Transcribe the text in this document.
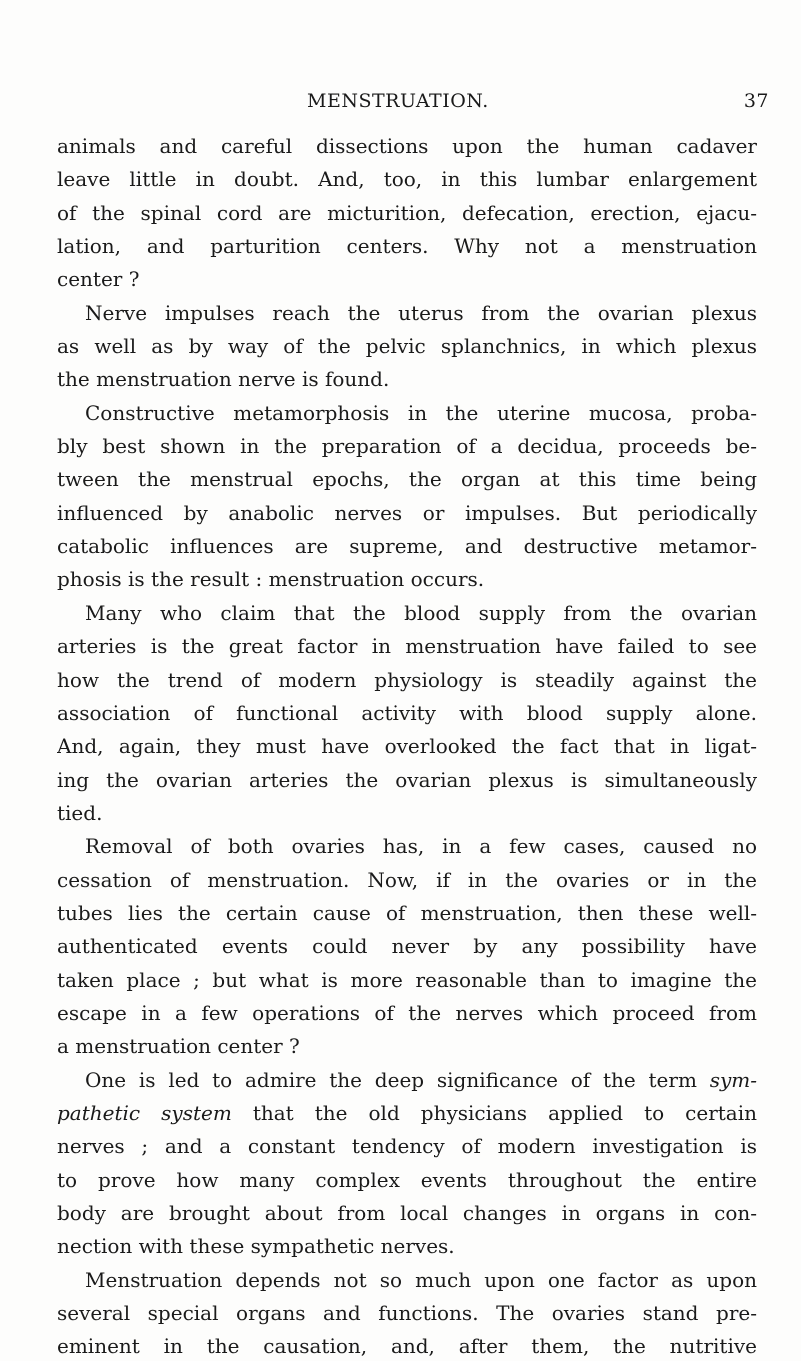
MENSTRUATION.	37
animals and careful dissections upon the human cadaver
leave little in doubt. And, too, in this lumbar enlargement
of the spinal cord are micturition, defecation, erection, ejacu-
lation, and parturition centers. Why not a menstruation
center ?
Nerve impulses reach the uterus from the ovarian plexus
as well as by way of the pelvic splanchnics, in which plexus
the menstruation nerve is found.
Constructive metamorphosis in the uterine mucosa, proba-
bly best shown in the preparation of a decidua, proceeds be-
tween the menstrual epochs, the organ at this time being
influenced by anabolic nerves or impulses. But periodically
catabolic influences are supreme, and destructive metamor-
phosis is the result : menstruation occurs.
Many who claim that the blood supply from the ovarian
arteries is the great factor in menstruation have failed to see
how the trend of modern physiology is steadily against the
association of functional activity with blood supply alone.
And, again, they must have overlooked the fact that in ligat-
ing the ovarian arteries the ovarian plexus is simultaneously
tied.
Removal of both ovaries has, in a few cases, caused no
cessation of menstruation. Now, if in the ovaries or in the
tubes lies the certain cause of menstruation, then these well-
authenticated events could never by any possibility have
taken place ; but what is more reasonable than to imagine the
escape in a few operations of the nerves which proceed from
a menstruation center ?
One is led to admire the deep significance of the term sym-
pathetic system that the old physicians applied to certain
nerves ; and a constant tendency of modern investigation is
to prove how many complex events throughout the entire
body are brought about from local changes in organs in con-
nection with these sympathetic nerves.
Menstruation depends not so much upon one factor as upon
several special organs and functions. The ovaries stand pre-
eminent in the causation, and, after them, the nutritive
